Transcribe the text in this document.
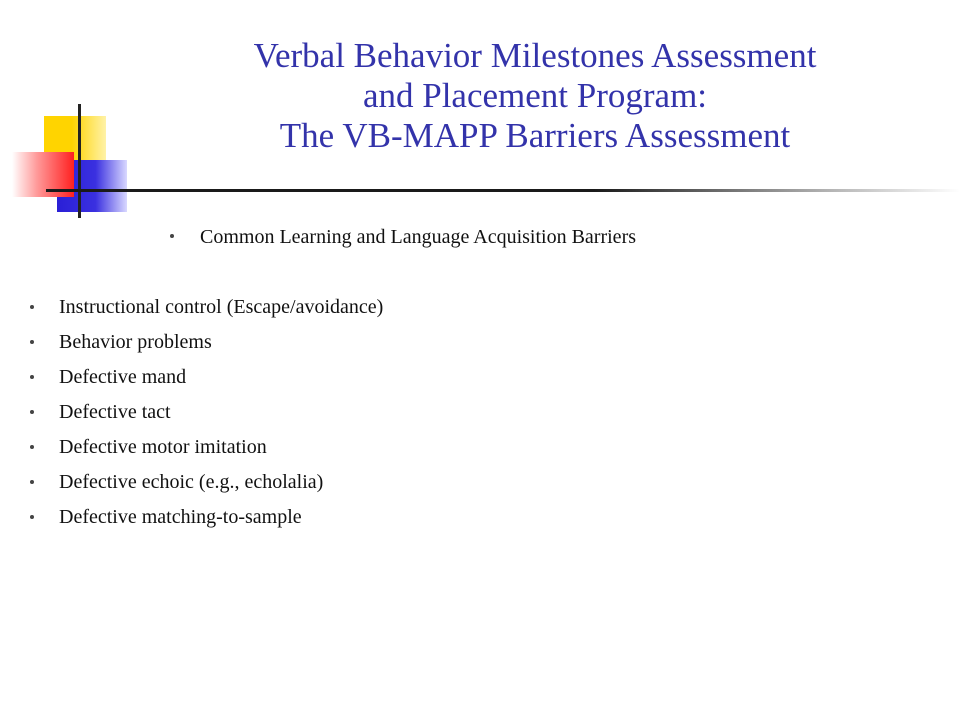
Verbal Behavior Milestones Assessment
and Placement Program:
The VB-MAPP Barriers Assessment
Common Learning and Language Acquisition Barriers
Instructional control (Escape/avoidance)
Behavior problems
Defective mand
Defective tact
Defective motor imitation
Defective echoic (e.g., echolalia)
Defective matching-to-sample
